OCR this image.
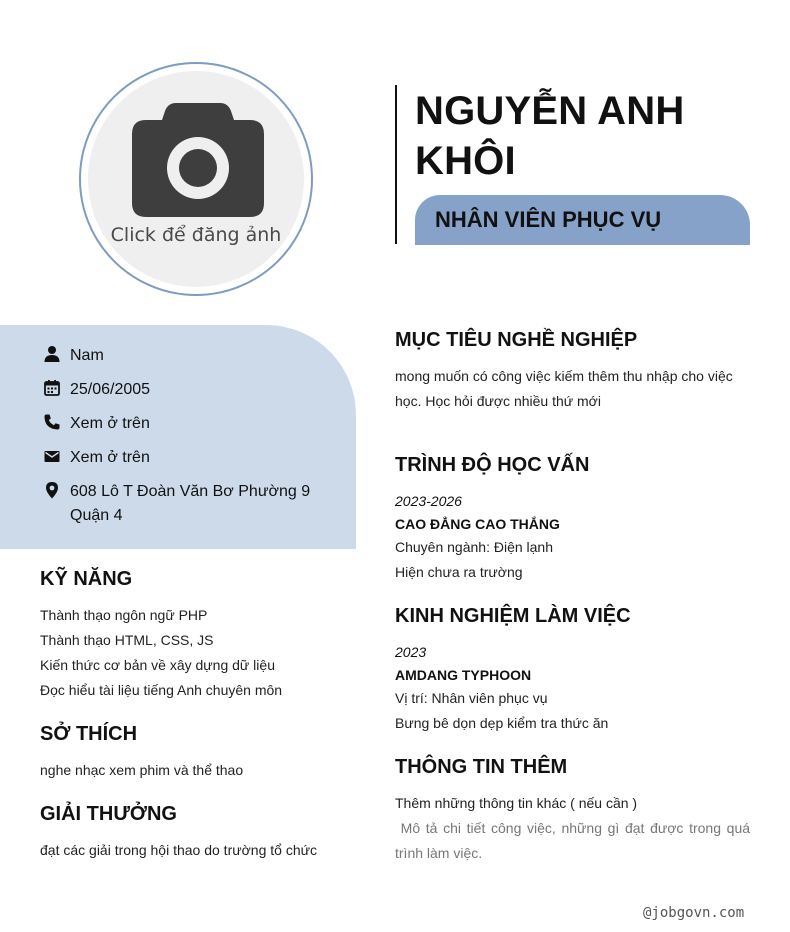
Click để đăng ảnh
NGUYỄN ANH KHÔI
NHÂN VIÊN PHỤC VỤ
Nam
25/06/2005
Xem ở trên
Xem ở trên
608 Lô T Đoàn Văn Bơ Phường 9 Quận 4
KỸ NĂNG
Thành thạo ngôn ngữ PHP
Thành thạo HTML, CSS, JS
Kiến thức cơ bản về xây dựng dữ liệu
Đọc hiểu tài liệu tiếng Anh chuyên môn
SỞ THÍCH
nghe nhạc xem phim và thể thao
GIẢI THƯỞNG
đạt các giải trong hội thao do trường tổ chức
MỤC TIÊU NGHỀ NGHIỆP
mong muốn có công việc kiếm thêm thu nhập cho việc
học. Học hỏi được nhiều thứ mới
TRÌNH ĐỘ HỌC VẤN
2023-2026
CAO ĐẲNG CAO THẮNG
Chuyên ngành: Điện lạnh
Hiện chưa ra trường
KINH NGHIỆM LÀM VIỆC
2023
AMDANG TYPHOON
Vị trí: Nhân viên phục vụ
Bưng bê dọn dẹp kiểm tra thức ăn
THÔNG TIN THÊM
Thêm những thông tin khác ( nếu cần )
Mô tả chi tiết công việc, những gì đạt được trong quá trình làm việc.
@jobgovn.com
